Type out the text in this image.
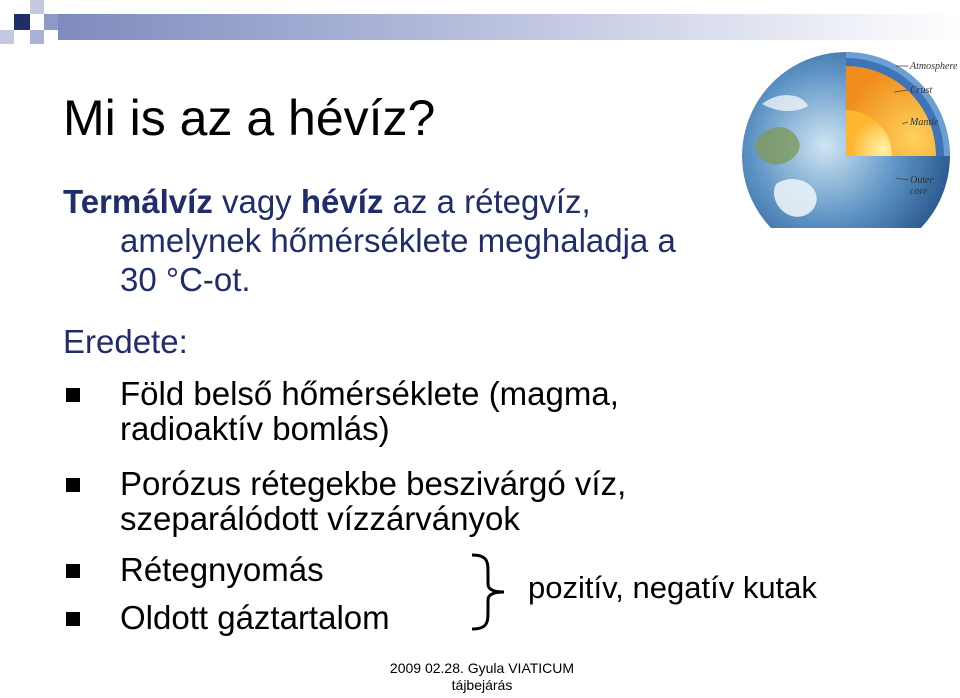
Mi is az a hévíz?
Termálvíz vagy hévíz az a rétegvíz,
amelynek hőmérséklete meghaladja a
30 °C-ot.
Eredete:
Föld belső hőmérséklete (magma,
radioaktív bomlás)
Porózus rétegekbe beszivárgó víz,
szeparálódott vízzárványok
Rétegnyomás
Oldott gáztartalom
pozitív, negatív kutak
Atmosphere
Crust
Mantle
Outer
core
2009 02.28. Gyula VIATICUM
tájbejárás
